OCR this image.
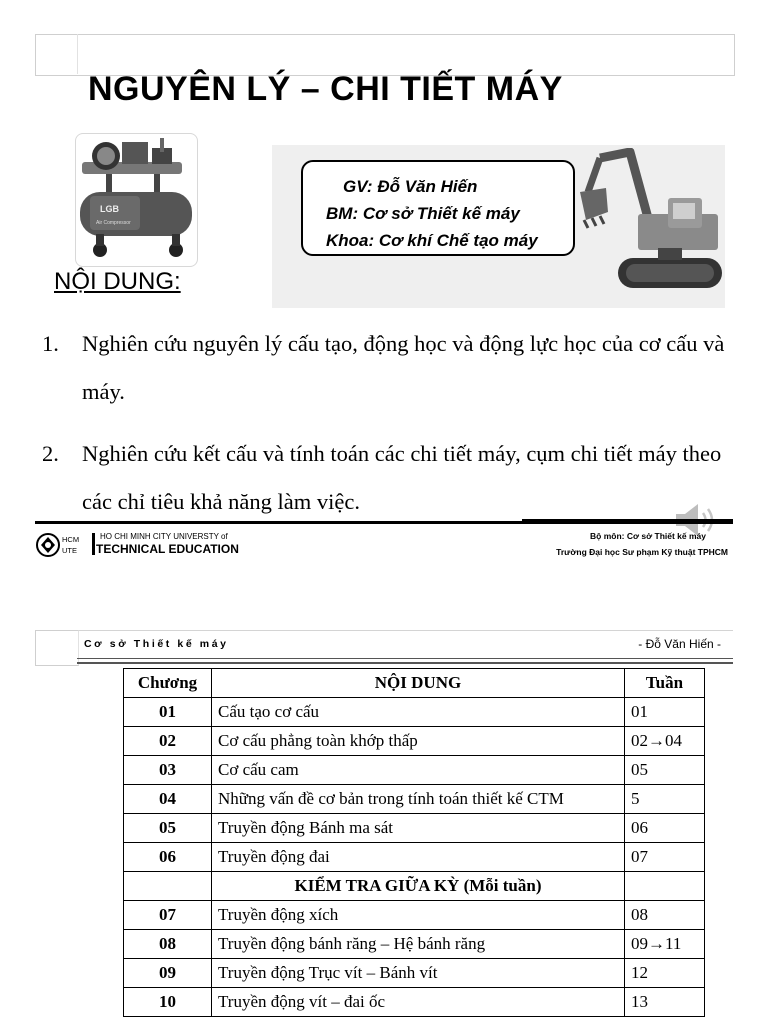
NGUYÊN LÝ – CHI TIẾT MÁY
LGB
Air Compressor
NỘI DUNG:
GV: Đỗ Văn Hiến
BM: Cơ sở Thiết kế máy
Khoa: Cơ khí Chế tạo máy
1. Nghiên cứu nguyên lý cấu tạo, động học và động lực học của cơ cấu và máy.
2. Nghiên cứu kết cấu và tính toán các chi tiết máy, cụm chi tiết máy theo các chỉ tiêu khả năng làm việc.
HCM
UTE
HO CHI MINH CITY UNIVERSTY of
TECHNICAL EDUCATION
Bộ môn: Cơ sở Thiết kế máy
Trường Đại học Sư phạm Kỹ thuật TPHCM
Cơ sở Thiết kế máy	- Đỗ Văn Hiến -
Chương	NỘI DUNG	Tuần
01	Cấu tạo cơ cấu	01
02	Cơ cấu phẳng toàn khớp thấp	02→04
03	Cơ cấu cam	05
04	Những vấn đề cơ bản trong tính toán thiết kế CTM	5
05	Truyền động Bánh ma sát	06
06	Truyền động đai	07
	KIỂM TRA GIỮA KỲ (Mỗi tuần)	
07	Truyền động xích	08
08	Truyền động bánh răng – Hệ bánh răng	09→11
09	Truyền động Trục vít – Bánh vít	12
10	Truyền động vít – đai ốc	13
